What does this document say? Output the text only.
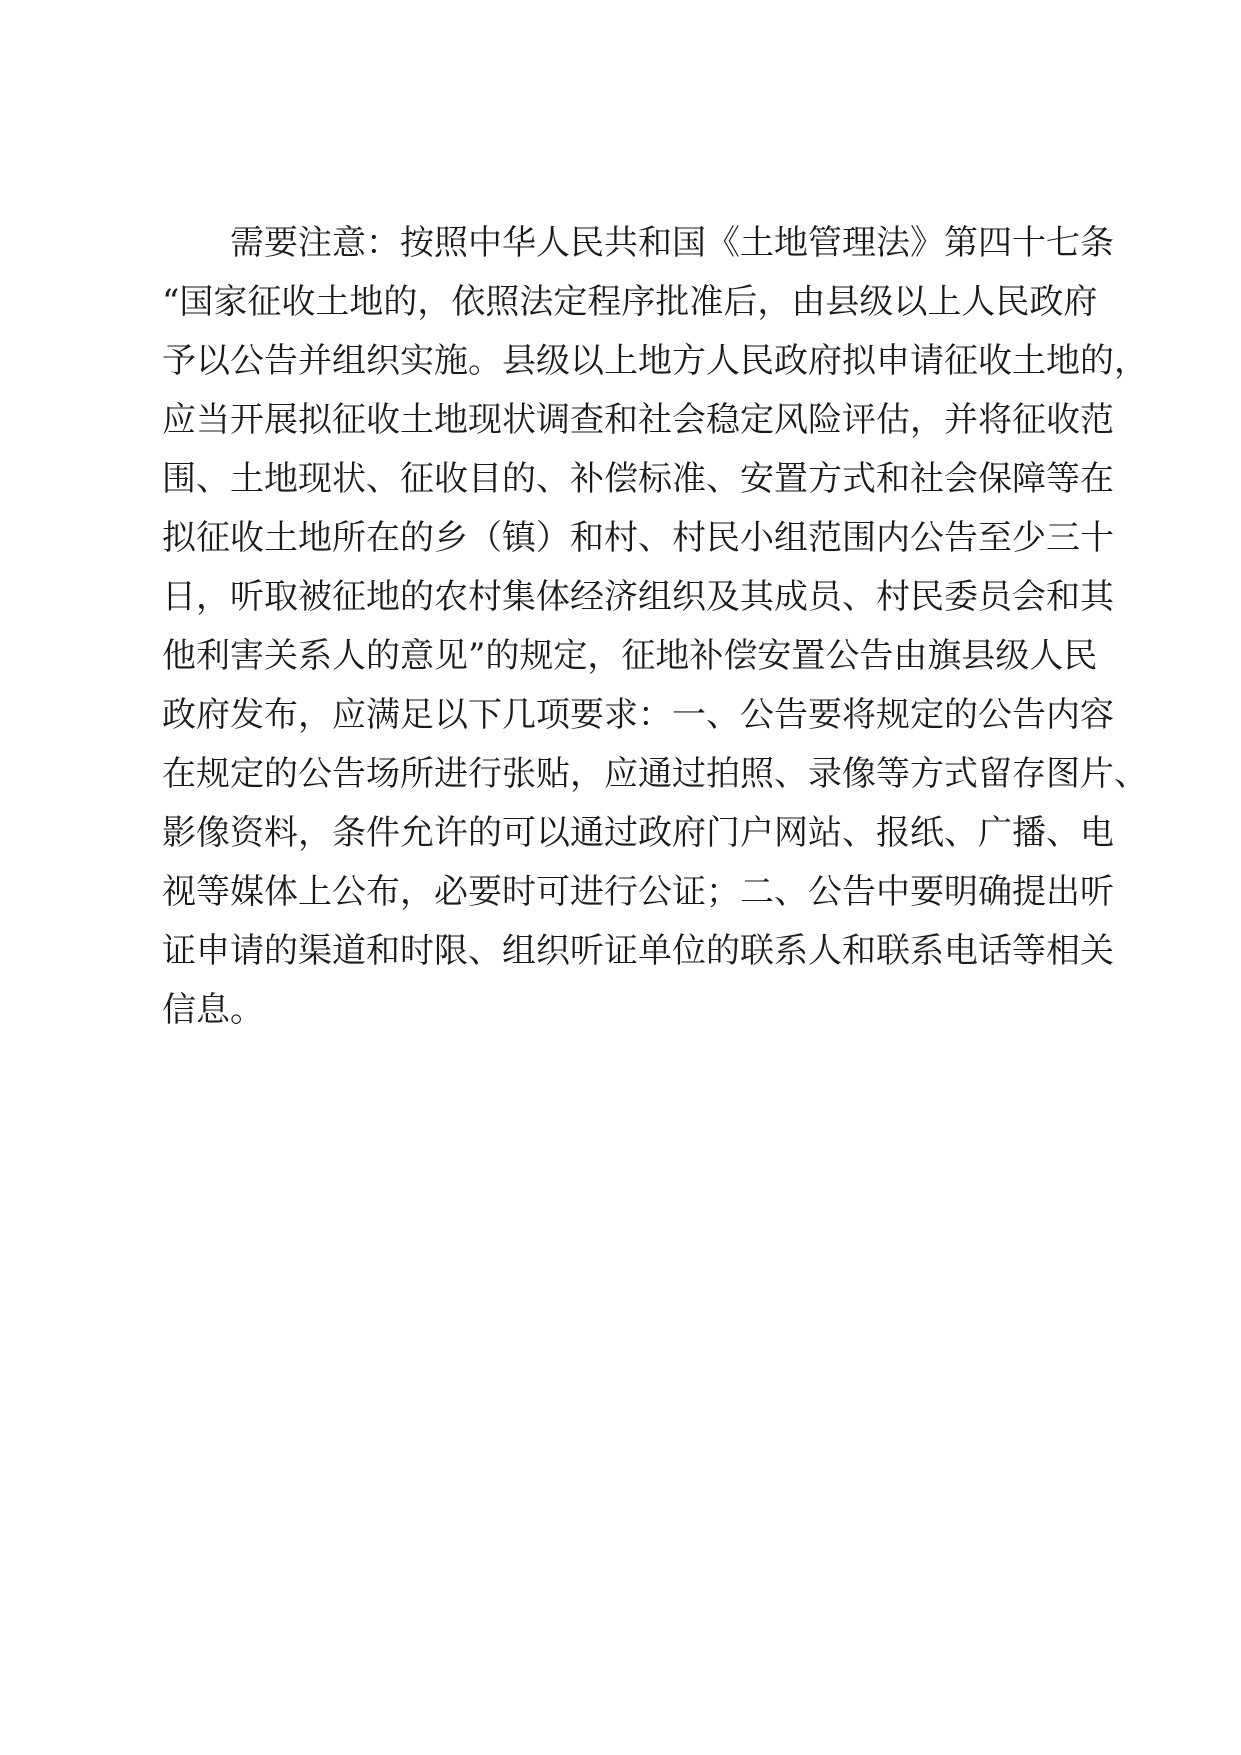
需要注意：按照中华人民共和国《土地管理法》第四十七条
“国家征收土地的，依照法定程序批准后，由县级以上人民政府
予以公告并组织实施。县级以上地方人民政府拟申请征收土地的，
应当开展拟征收土地现状调查和社会稳定风险评估，并将征收范
围、土地现状、征收目的、补偿标准、安置方式和社会保障等在
拟征收土地所在的乡（镇）和村、村民小组范围内公告至少三十
日，听取被征地的农村集体经济组织及其成员、村民委员会和其
他利害关系人的意见”的规定，征地补偿安置公告由旗县级人民
政府发布，应满足以下几项要求：一、公告要将规定的公告内容
在规定的公告场所进行张贴，应通过拍照、录像等方式留存图片、
影像资料，条件允许的可以通过政府门户网站、报纸、广播、电
视等媒体上公布，必要时可进行公证；二、公告中要明确提出听
证申请的渠道和时限、组织听证单位的联系人和联系电话等相关
信息。
